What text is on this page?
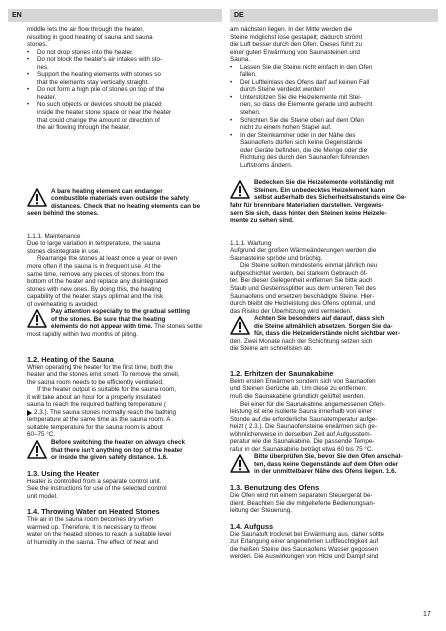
EN	DE
middle lets the air flow through the heater,
resulting in good heating of sauna and sauna
stones.
• Do not drop stones into the heater.
• Do not block the heater's air intakes with sto-
nes.
• Support the heating elements with stones so
that the elements stay vertically straight.
• Do not form a high pile of stones on top of the
heater.
• No such objects or devices should be placed
inside the heater stone space or near the heater
that could change the amount or direction of
the air flowing through the heater.
A bare heating element can endanger
combustible materials even outside the safety
distances. Check that no heating elements can be
seen behind the stones.
1.1.1. Maintenance
Due to large variation in temperature, the sauna
stones disintegrate in use.
Rearrange the stones at least once a year or even
more often if the sauna is in frequent use. At the
same time, remove any pieces of stones from the
bottom of the heater and replace any disintegrated
stones with new ones. By doing this, the heating
capability of the heater stays optimal and the risk
of overheating is avoided.
Pay attention especially to the gradual settling
of the stones. Be sure that the heating
elements do not appear with time. The stones settle
most rapidly within two months of piling.
1.2. Heating of the Sauna
When operating the heater for the first time, both the
heater and the stones emit smell. To remove the smell,
the sauna room needs to be efficiently ventilated.
If the heater output is suitable for the sauna room,
it will take about an hour for a properly insulated
sauna to reach the required bathing temperature (
2.3.). The sauna stones normally reach the bathing
temperature at the same time as the sauna room. A
suitable temperature for the sauna room is about
60–75 °C.
Before switching the heater on always check
that there isn't anything on top of the heater
or inside the given safety distance. 1.6.
1.3. Using the Heater
Heater is controlled from a separate control unit.
See the instructions for use of the selected control
unit model.
1.4. Throwing Water on Heated Stones
The air in the sauna room becomes dry when
warmed up. Therefore, it is necessary to throw
water on the heated stones to reach a suitable level
of humidity in the sauna. The effect of heat and
am nächsten liegen. In der Mitte werden die
Steine möglichst lose gestapelt; dadurch strömt
die Luft besser durch den Ofen. Dieses führt zu
einer guten Erwärmung von Saunasteinen und
Sauna.
• Lassen Sie die Steine nicht einfach in den Ofen
fallen.
• Der Luftleinlass des Ofens darf auf keinen Fall
durch Steine verdeckt werden!
• Unterstützen Sie die Heizelemente mit Stei-
nen, so dass die Elemente gerade und aufrecht
stehen.
• Schichten Sie die Steine oben auf dem Ofen
nicht zu einem hohen Stapel auf.
• In der Steinkammer oder in der Nähe des
Saunaofens dürfen sich keine Gegenstände
oder Geräte befinden, die die Menge oder die
Richtung des durch den Saunaofen führenden
Luftstroms ändern.
Bedecken Sie die Heizelemente vollständig mit
Steinen. Ein unbedecktes Heizelement kann
selbst außerhalb des Sicherheitsabstands eine Ge-
fahr für brennbare Materialien darstellen. Vergewis-
sern Sie sich, dass hinter den Steinen keine Heizele-
mente zu sehen sind.
1.1.1. Wartung
Aufgrund der großen Wärmeänderungen werden die
Saunasteine spröde und brüchig.
Die Steine sollten mindestens einmal jährlich neu
aufgeschichtet werden, bei starkem Gebrauch öf-
ter. Bei dieser Gelegenheit entfernen Sie bitte auch
Staub und Gesteinssplitter aus dem unteren Teil des
Saunaofens und ersetzen beschädigte Steine. Hier-
durch bleibt die Heizleistung des Ofens optimal, und
das Risiko der Überhitzung wird vermieden.
Achten Sie besonders auf darauf, dass sich
die Steine allmählich absetzen. Sorgen Sie da-
für, dass die Heizwiderstände nicht sichtbar wer-
den. Zwei Monate nach der Schichtung setzen sich
die Steine am schnellsten ab.
1.2. Erhitzen der Saunakabine
Beim ersten Erwärmen sondern sich von Saunaofen
und Steinen Gerüche ab. Um diese zu entfernen,
muß die Saunakabine gründlich gelüftet werden.
Bei einer für die Saunakabine angemessenen Ofen-
leistung ist eine isolierte Sauna innerhalb von einer
Stunde auf die erforderliche Saunatemperatur aufge-
heizt ( 2.3.). Die Saunaofensteine erwärmen sich ge-
wöhnlicherweise in derselben Zeit auf Aufgusstem-
peratur wie die Saunakabine. Die passende Tempe-
ratur in der Saunakabine beträgt etwa 60 bis 75 °C.
Bitte überprüfen Sie, bevor Sie den Ofen anschal-
ten, dass keine Gegenstände auf dem Ofen oder
in der unmittelbarer Nähe des Ofens liegen. 1.6.
1.3. Benutzung des Ofens
Die Ofen wird mit einem separaten Steuergerät be-
dient. Beachten Sie die mitgelieferte Bedienungsan-
leitung der Steuerung.
1.4. Aufguss
Die Saunaluft trocknet bei Erwärmung aus, daher sollte
zur Erlangung einer angenehmen Luftfeuchtigkeit auf
die heißen Steine des Saunaofens Wasser gegossen
werden. Die Auswirkungen von Hitze und Dampf sind
17
